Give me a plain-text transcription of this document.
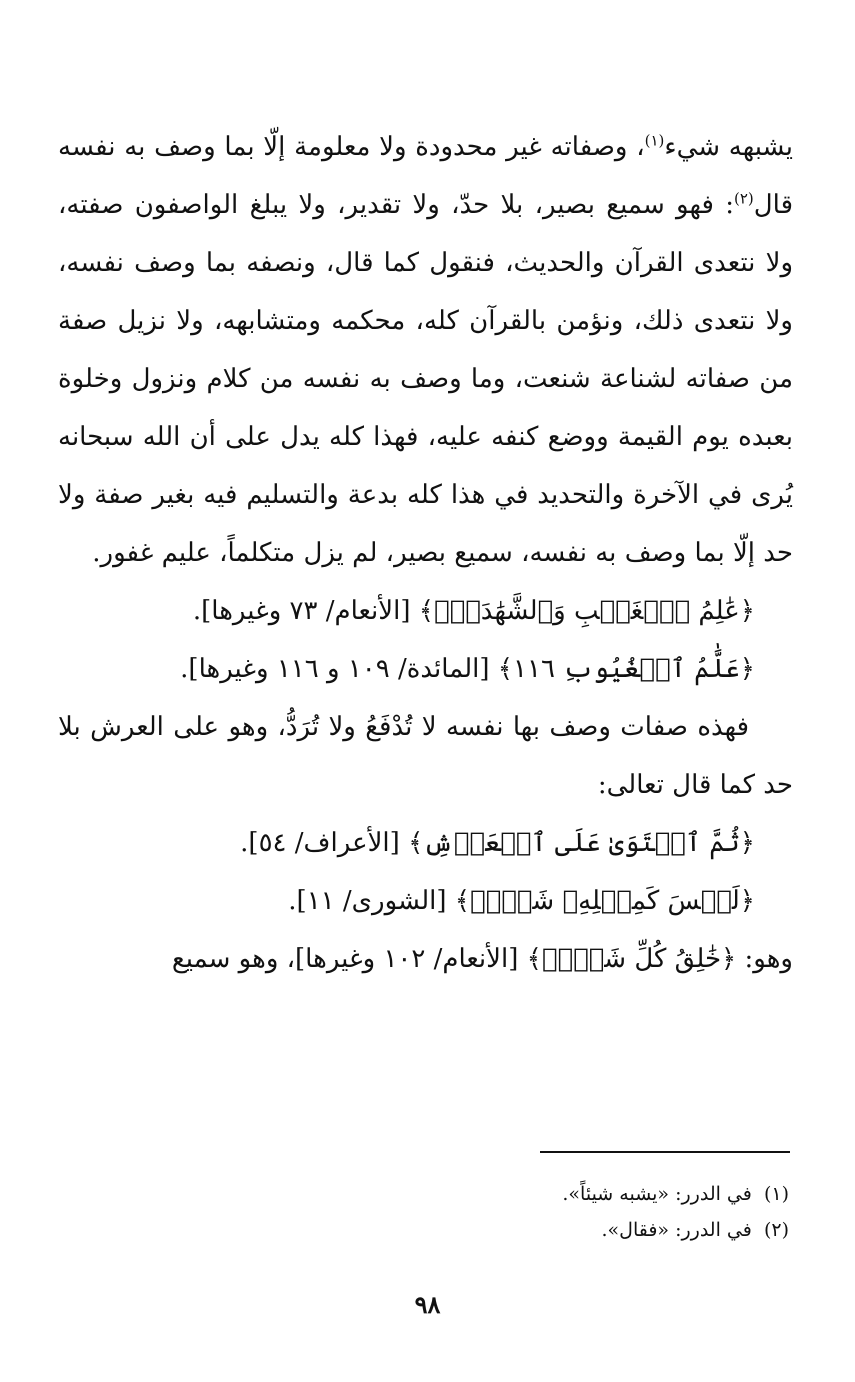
يشبهه شيء$^{(١)}$، وصفاته غير محدودة ولا معلومة إلّا بما وصف به نفسه قال$^{(٢)}$: فهو سميع بصير، بلا حدّ، ولا تقدير، ولا يبلغ الواصفون صفته، ولا نتعدى القرآن والحديث، فنقول كما قال، ونصفه بما وصف نفسه، ولا نتعدى ذلك، ونؤمن بالقرآن كله، محكمه ومتشابهه، ولا نزيل صفة من صفاته لشناعة شنعت، وما وصف به نفسه من كلام ونزول وخلوة بعبده يوم القيمة ووضع كنفه عليه، فهذا كله يدل على أن الله سبحانه يُرى في الآخرة والتحديد في هذا كله بدعة والتسليم فيه بغير صفة ولا حد إلّا بما وصف به نفسه، سميع بصير، لم يزل متكلماً، عليم غفور.

﴿عَٰلِمُ ٱلۡغَيۡبِ وَٱلشَّهَٰدَةِۚ﴾ [الأنعام/ ٧٣ وغيرها].

﴿عَلَّٰمُ ٱلۡغُيُوبِ ١١٦﴾ [المائدة/ ١٠٩ و ١١٦ وغيرها].

فهذه صفات وصف بها نفسه لا تُدْفَعُ ولا تُرَدُّ، وهو على العرش بلا حد كما قال تعالى:

﴿ثُمَّ ٱسۡتَوَىٰ عَلَى ٱلۡعَرۡشِ﴾ [الأعراف/ ٥٤].

﴿لَيۡسَ كَمِثۡلِهِۦ شَيۡءٞ﴾ [الشورى/ ١١].

وهو: ﴿خَٰلِقُ كُلِّ شَيۡءٖ﴾ [الأنعام/ ١٠٢ وغيرها]، وهو سميع

(١)  في الدرر: «يشبه شيئاً».

(٢)  في الدرر: «فقال».

٩٨
